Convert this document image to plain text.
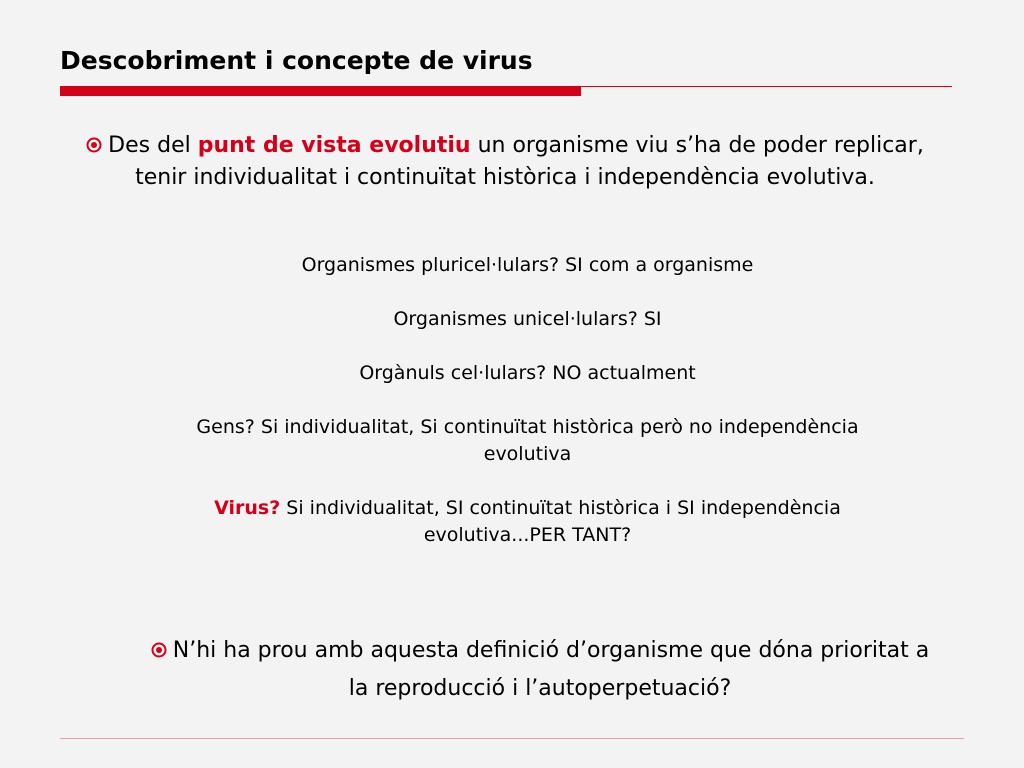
Descobriment i concepte de virus
Des del punt de vista evolutiu un organisme viu s’ha de poder replicar, tenir individualitat i continuïtat històrica i independència evolutiva.

Organismes pluricel·lulars? SI com a organisme

Organismes unicel·lulars? SI

Orgànuls cel·lulars? NO actualment

Gens? Si individualitat, Si continuïtat històrica però no independència evolutiva

Virus? Si individualitat, SI continuïtat històrica i SI independència evolutiva...PER TANT?

N’hi ha prou amb aquesta definició d’organisme que dóna prioritat a la reproducció i l’autoperpetuació?
